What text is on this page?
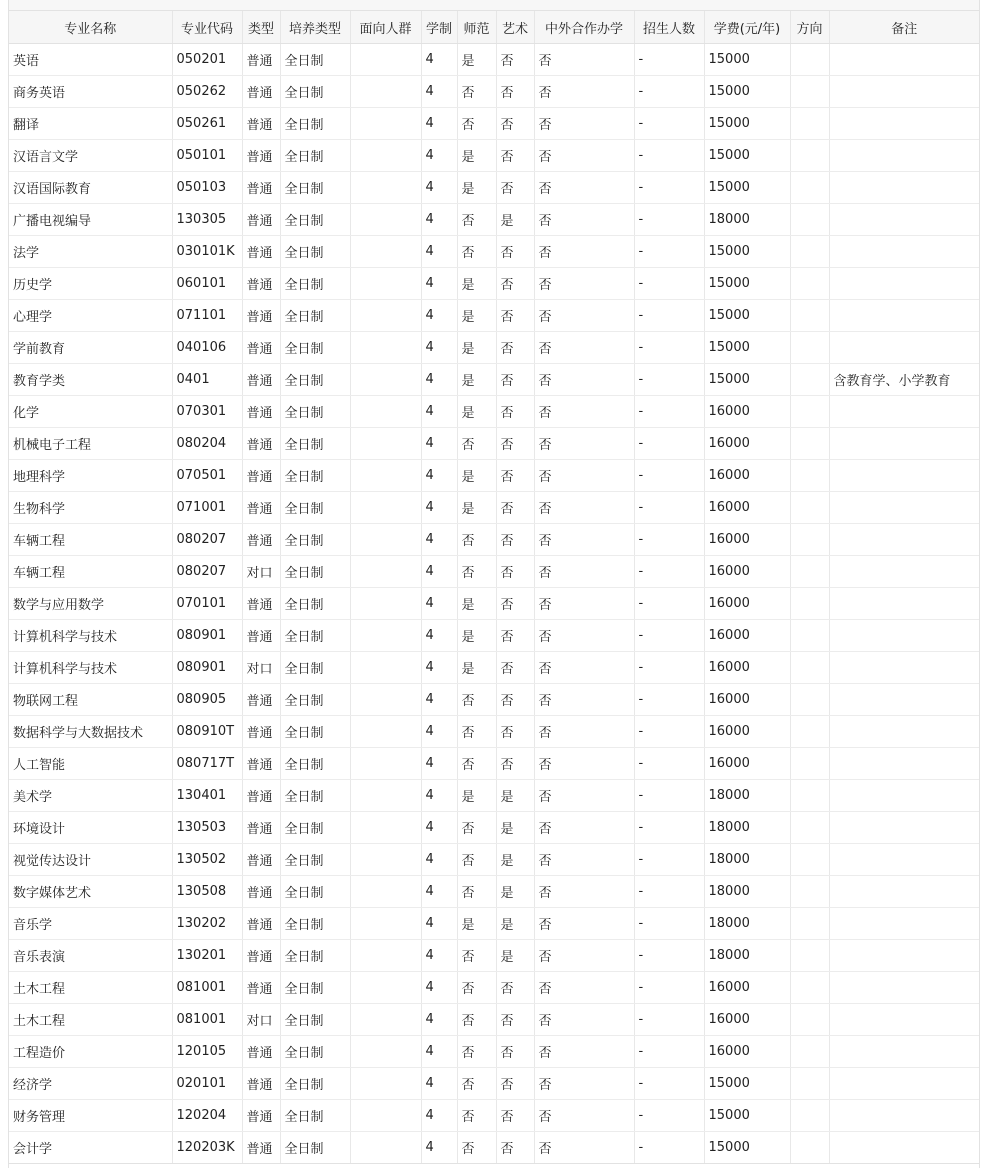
专业名称	专业代码	类型	培养类型	面向人群	学制	师范	艺术	中外合作办学	招生人数	学费(元/年)	方向	备注
英语	050201	普通	全日制		4	是	否	否	-	15000		
商务英语	050262	普通	全日制		4	否	否	否	-	15000		
翻译	050261	普通	全日制		4	否	否	否	-	15000		
汉语言文学	050101	普通	全日制		4	是	否	否	-	15000		
汉语国际教育	050103	普通	全日制		4	是	否	否	-	15000		
广播电视编导	130305	普通	全日制		4	否	是	否	-	18000		
法学	030101K	普通	全日制		4	否	否	否	-	15000		
历史学	060101	普通	全日制		4	是	否	否	-	15000		
心理学	071101	普通	全日制		4	是	否	否	-	15000		
学前教育	040106	普通	全日制		4	是	否	否	-	15000		
教育学类	0401	普通	全日制		4	是	否	否	-	15000		含教育学、小学教育
化学	070301	普通	全日制		4	是	否	否	-	16000		
机械电子工程	080204	普通	全日制		4	否	否	否	-	16000		
地理科学	070501	普通	全日制		4	是	否	否	-	16000		
生物科学	071001	普通	全日制		4	是	否	否	-	16000		
车辆工程	080207	普通	全日制		4	否	否	否	-	16000		
车辆工程	080207	对口	全日制		4	否	否	否	-	16000		
数学与应用数学	070101	普通	全日制		4	是	否	否	-	16000		
计算机科学与技术	080901	普通	全日制		4	是	否	否	-	16000		
计算机科学与技术	080901	对口	全日制		4	是	否	否	-	16000		
物联网工程	080905	普通	全日制		4	否	否	否	-	16000		
数据科学与大数据技术	080910T	普通	全日制		4	否	否	否	-	16000		
人工智能	080717T	普通	全日制		4	否	否	否	-	16000		
美术学	130401	普通	全日制		4	是	是	否	-	18000		
环境设计	130503	普通	全日制		4	否	是	否	-	18000		
视觉传达设计	130502	普通	全日制		4	否	是	否	-	18000		
数字媒体艺术	130508	普通	全日制		4	否	是	否	-	18000		
音乐学	130202	普通	全日制		4	是	是	否	-	18000		
音乐表演	130201	普通	全日制		4	否	是	否	-	18000		
土木工程	081001	普通	全日制		4	否	否	否	-	16000		
土木工程	081001	对口	全日制		4	否	否	否	-	16000		
工程造价	120105	普通	全日制		4	否	否	否	-	16000		
经济学	020101	普通	全日制		4	否	否	否	-	15000		
财务管理	120204	普通	全日制		4	否	否	否	-	15000		
会计学	120203K	普通	全日制		4	否	否	否	-	15000		
